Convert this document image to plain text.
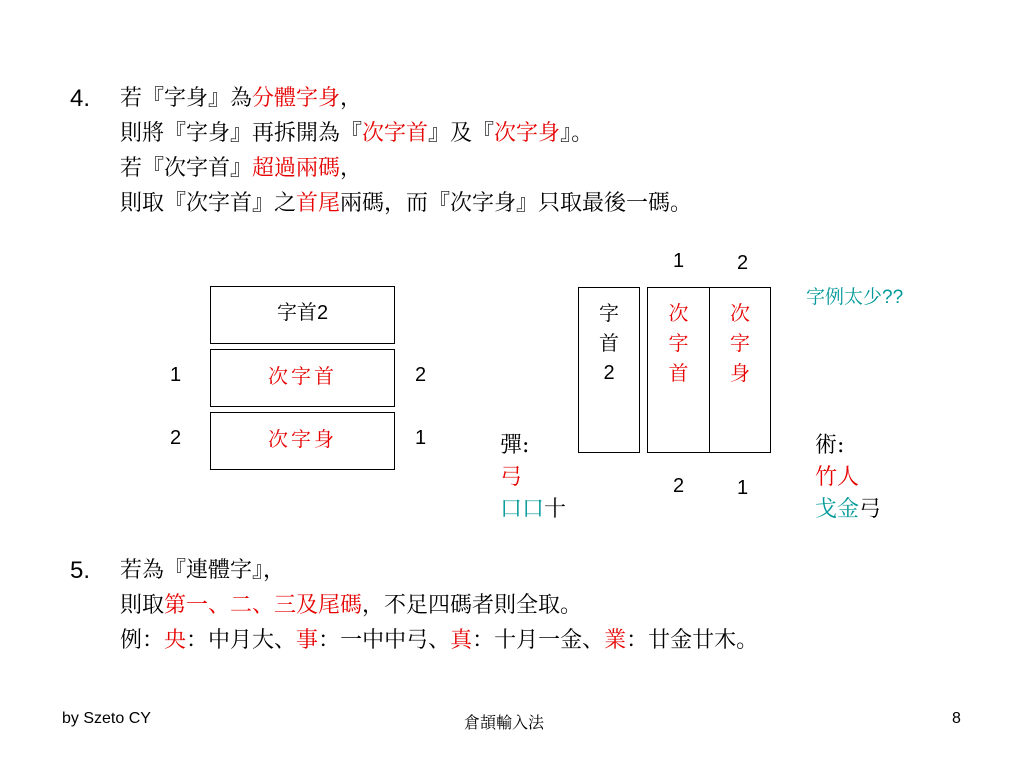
4. 若『字身』為分體字身，
則將『字身』再拆開為『次字首』及『次字身』。
若『次字首』超過兩碼，
則取『次字首』之首尾兩碼，而『次字身』只取最後一碼。
字首2
次字首
次字身
1	2
2	1
1	2
字
首
2
次
字
首
次
字
身
2	1
字例太少??
彈:
弓
口口十
術:
竹人
戈金弓
5. 若為『連體字』，
則取第一、二、三及尾碼，不足四碼者則全取。
例：央：中月大、事：一中中弓、真：十月一金、業：廿金廿木。
by Szeto CY	倉頡輸入法	8
